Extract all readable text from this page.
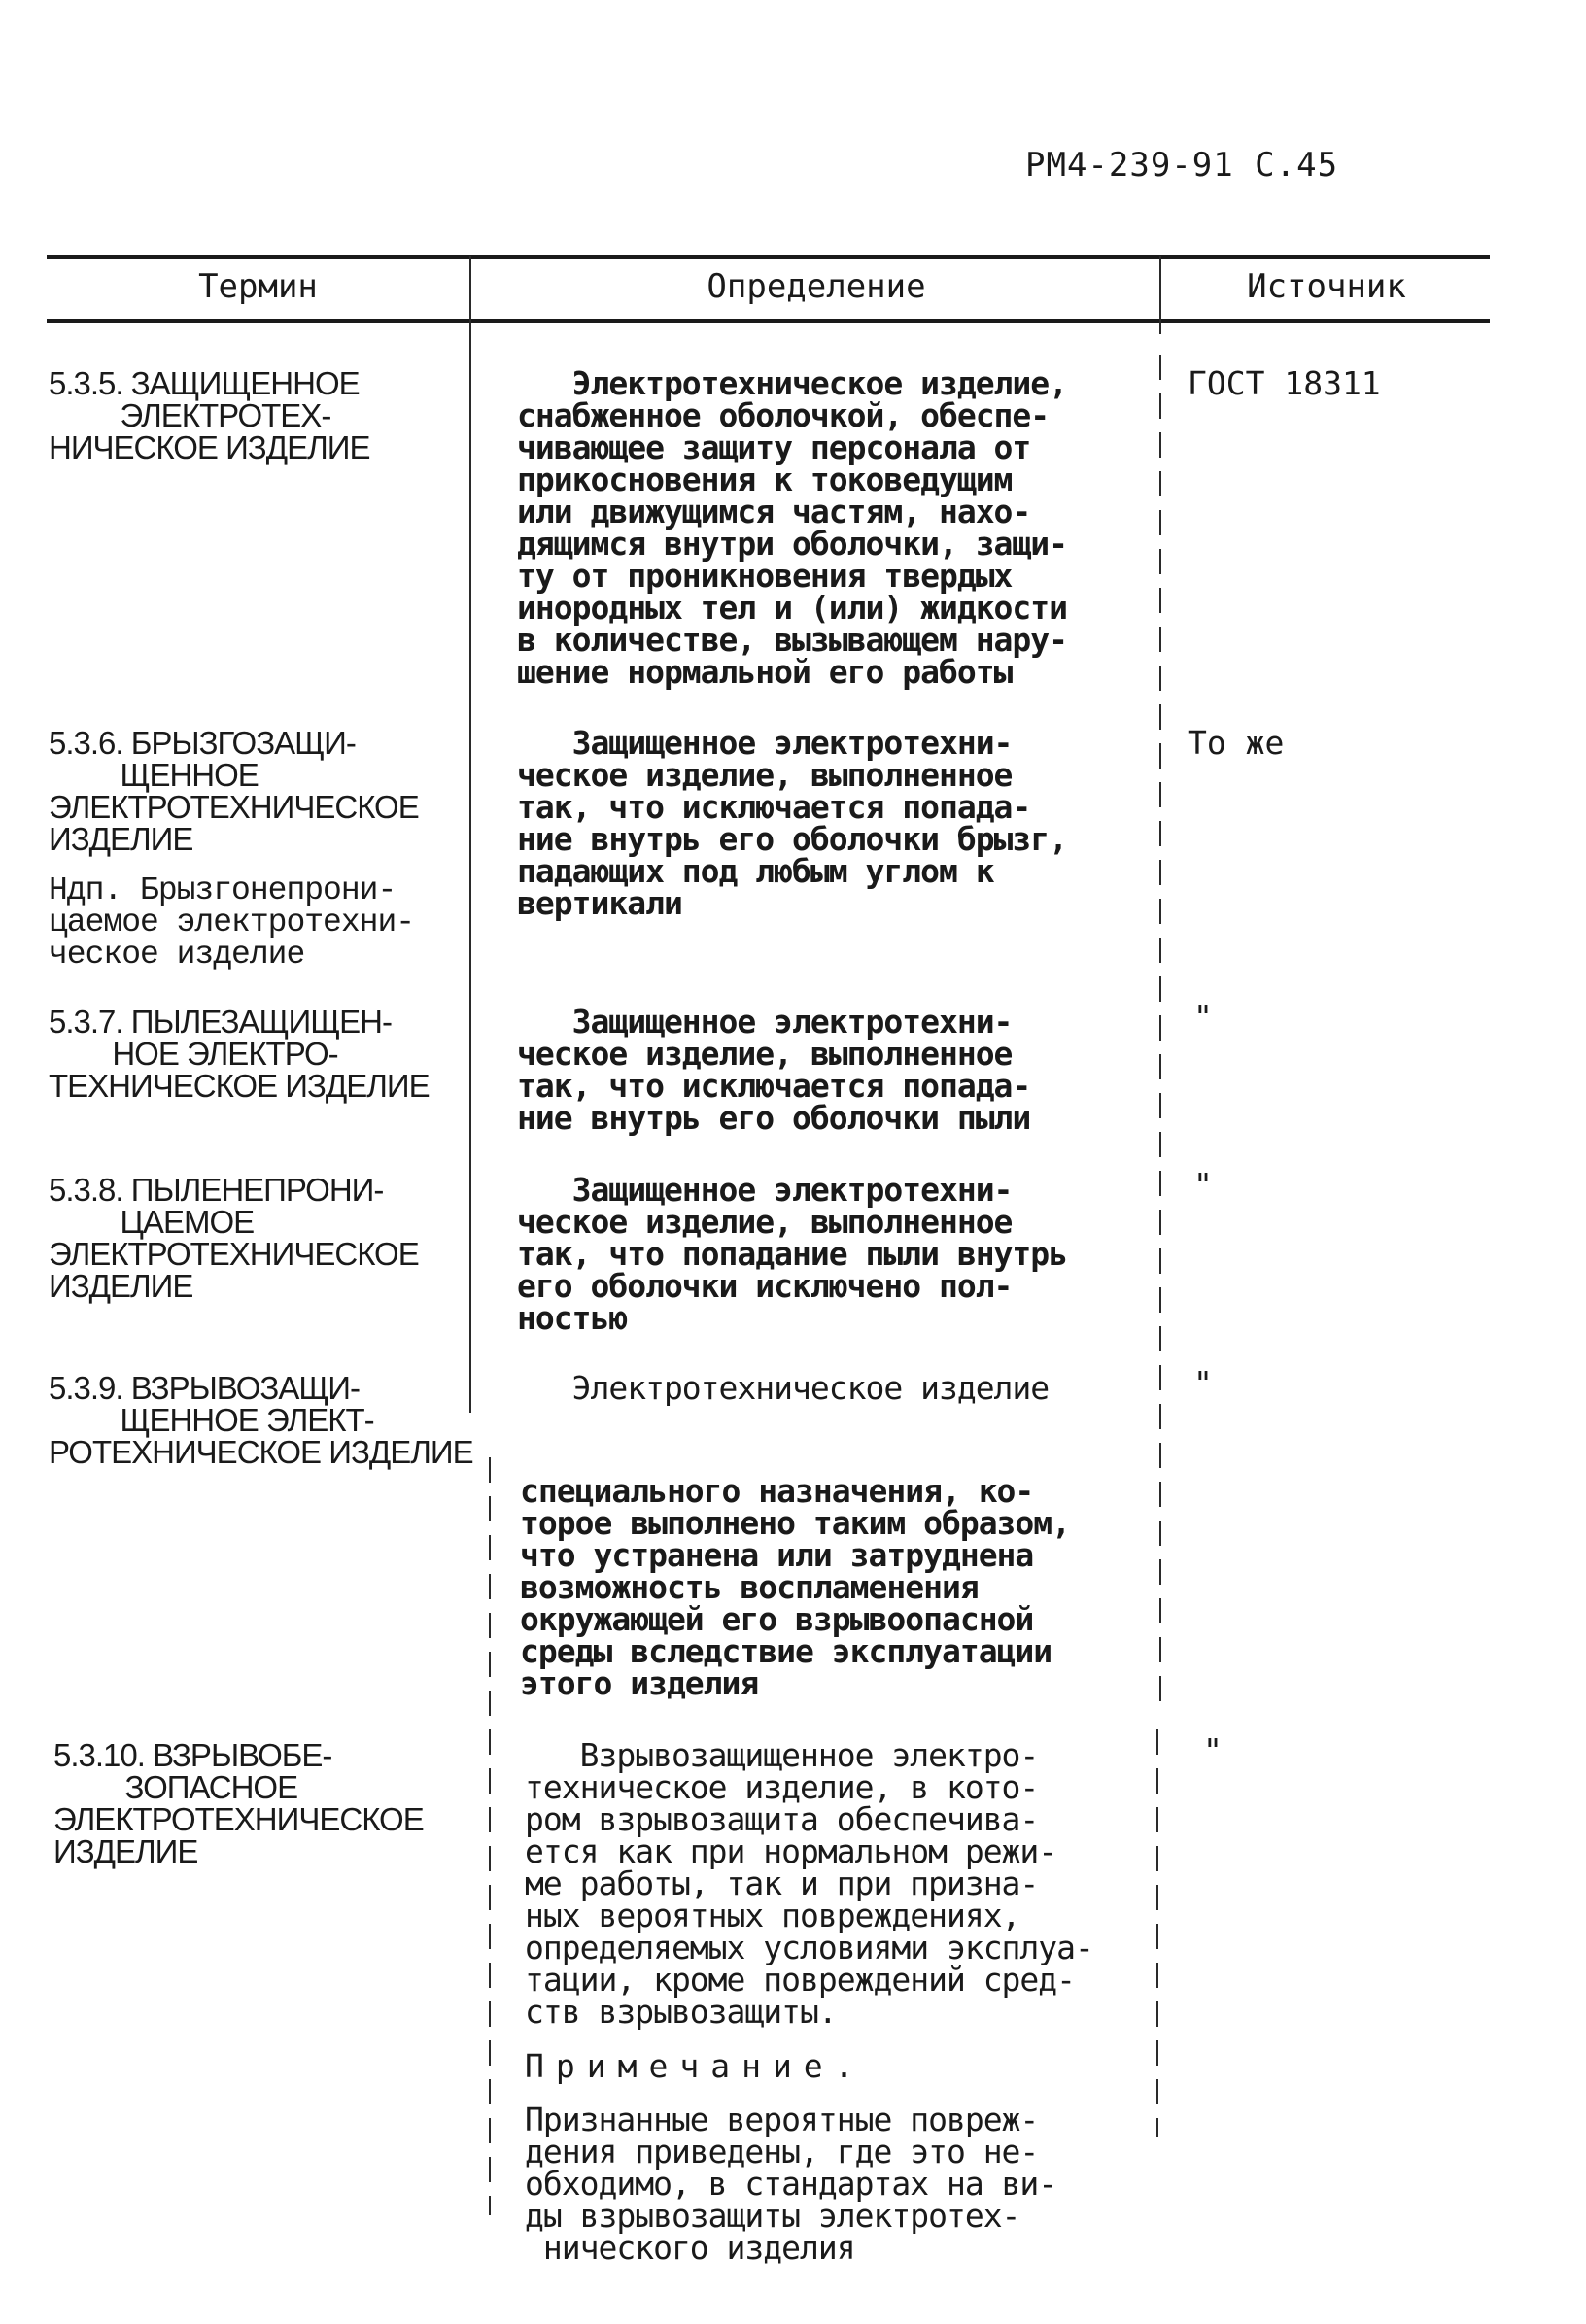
РМ4-239-91 С.45
Термин	Определение	Источник
5.3.5. ЗАЩИЩЕННОЕ
ЭЛЕКТРОТЕХ-
НИЧЕСКОЕ ИЗДЕЛИЕ
Электротехническое изделие,
снабженное оболочкой, обеспе-
чивающее защиту персонала от
прикосновения к токоведущим
или движущимся частям, нахо-
дящимся внутри оболочки, защи-
ту от проникновения твердых
инородных тел и (или) жидкости
в количестве, вызывающем нару-
шение нормальной его работы
ГОСТ 18311
5.3.6. БРЫЗГОЗАЩИ-
ЩЕННОЕ
ЭЛЕКТРОТЕХНИЧЕСКОЕ
ИЗДЕЛИЕ
Ндп. Брызгонепрони-
цаемое электротехни-
ческое изделие
Защищенное электротехни-
ческое изделие, выполненное
так, что исключается попада-
ние внутрь его оболочки брызг,
падающих под любым углом к
вертикали
То же
5.3.7. ПЫЛЕЗАЩИЩЕН-
НОЕ ЭЛЕКТРО-
ТЕХНИЧЕСКОЕ ИЗДЕЛИЕ
Защищенное электротехни-
ческое изделие, выполненное
так, что исключается попада-
ние внутрь его оболочки пыли
"
5.3.8. ПЫЛЕНЕПРОНИ-
ЦАЕМОЕ
ЭЛЕКТРОТЕХНИЧЕСКОЕ
ИЗДЕЛИЕ
Защищенное электротехни-
ческое изделие, выполненное
так, что попадание пыли внутрь
его оболочки исключено пол-
ностью
"
5.3.9. ВЗРЫВОЗАЩИ-
ЩЕННОЕ ЭЛЕКТ-
РОТЕХНИЧЕСКОЕ ИЗДЕЛИЕ
Электротехническое изделие
специального назначения, ко-
торое выполнено таким образом,
что устранена или затруднена
возможность воспламенения
окружающей его взрывоопасной
среды вследствие эксплуатации
этого изделия
"
5.3.10. ВЗРЫВОБЕ-
ЗОПАСНОЕ
ЭЛЕКТРОТЕХНИЧЕСКОЕ
ИЗДЕЛИЕ
Взрывозащищенное электро-
техническое изделие, в кото-
ром взрывозащита обеспечива-
ется как при нормальном режи-
ме работы, так и при призна-
ных вероятных повреждениях,
определяемых условиями эксплуа-
тации, кроме повреждений сред-
ств взрывозащиты.
Примечание.
Признанные вероятные повреж-
дения приведены, где это не-
обходимо, в стандартах на ви-
ды взрывозащиты электротех-
нического изделия
"
